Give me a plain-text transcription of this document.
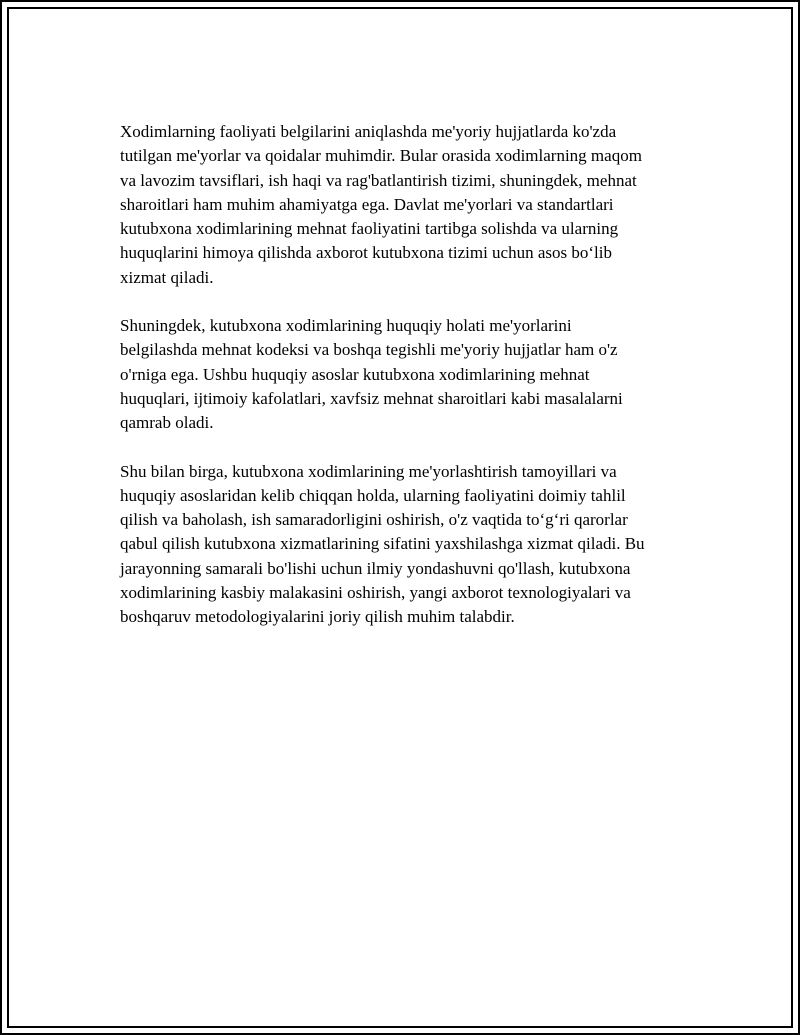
Xodimlarning faoliyati belgilarini aniqlashda me'yoriy hujjatlarda ko'zda
tutilgan me'yorlar va qoidalar muhimdir. Bular orasida xodimlarning maqom
va lavozim tavsiflari, ish haqi va rag'batlantirish tizimi, shuningdek, mehnat
sharoitlari ham muhim ahamiyatga ega. Davlat me'yorlari va standartlari
kutubxona xodimlarining mehnat faoliyatini tartibga solishda va ularning
huquqlarini himoya qilishda axborot kutubxona tizimi uchun asos bo‘lib
xizmat qiladi.

Shuningdek, kutubxona xodimlarining huquqiy holati me'yorlarini
belgilashda mehnat kodeksi va boshqa tegishli me'yoriy hujjatlar ham o'z
o'rniga ega. Ushbu huquqiy asoslar kutubxona xodimlarining mehnat
huquqlari, ijtimoiy kafolatlari, xavfsiz mehnat sharoitlari kabi masalalarni
qamrab oladi.

Shu bilan birga, kutubxona xodimlarining me'yorlashtirish tamoyillari va
huquqiy asoslaridan kelib chiqqan holda, ularning faoliyatini doimiy tahlil
qilish va baholash, ish samaradorligini oshirish, o'z vaqtida to‘g‘ri qarorlar
qabul qilish kutubxona xizmatlarining sifatini yaxshilashga xizmat qiladi. Bu
jarayonning samarali bo'lishi uchun ilmiy yondashuvni qo'llash, kutubxona
xodimlarining kasbiy malakasini oshirish, yangi axborot texnologiyalari va
boshqaruv metodologiyalarini joriy qilish muhim talabdir.
